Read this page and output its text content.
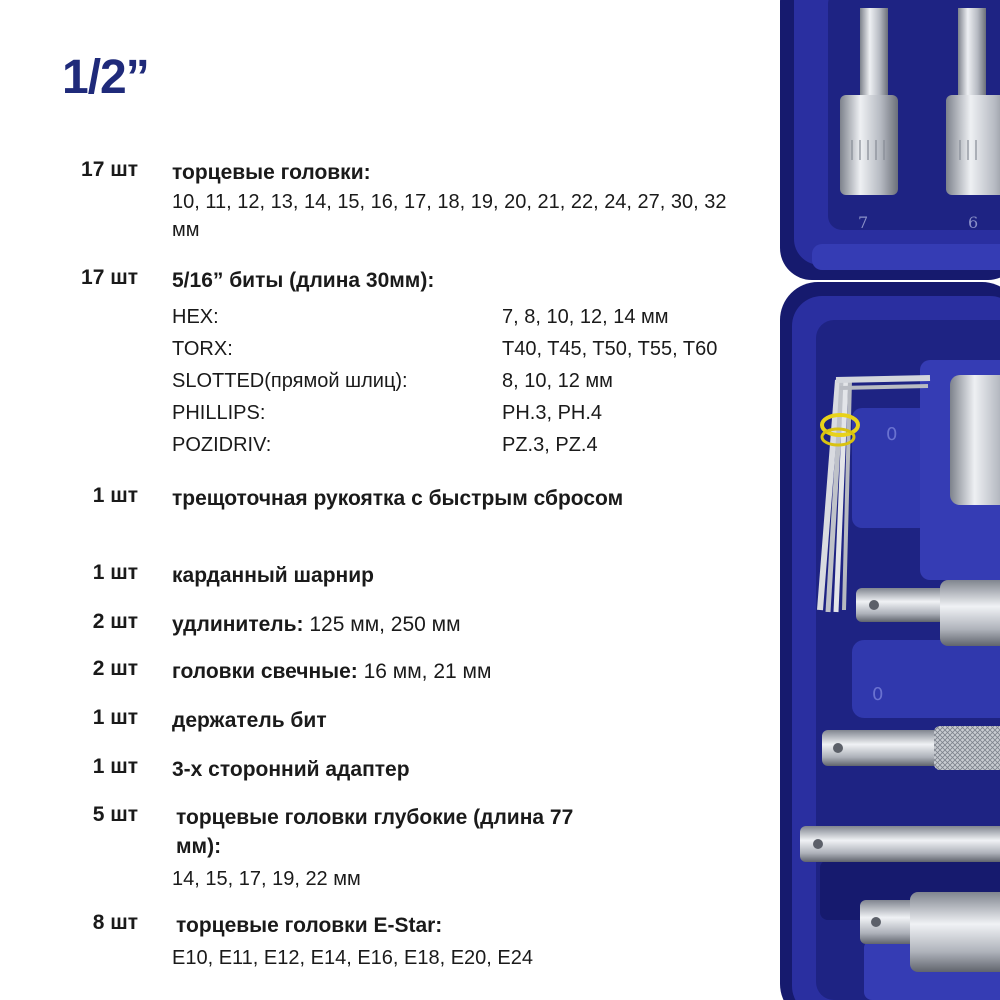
1/2”
17 шт торцевые головки:
10, 11, 12, 13, 14, 15, 16, 17, 18, 19, 20, 21, 22, 24, 27, 30, 32 мм
17 шт 5/16” биты (длина 30мм):
HEX:	7, 8, 10, 12, 14 мм
TORX:	T40, T45, T50, T55, T60
SLOTTED(прямой шлиц):	8, 10, 12 мм
PHILLIPS:	PH.3, PH.4
POZIDRIV:	PZ.3, PZ.4
1 шт трещоточная рукоятка с быстрым сбросом
1 шт карданный шарнир
2 шт удлинитель: 125 мм, 250 мм
2 шт головки свечные: 16 мм, 21 мм
1 шт держатель бит
1 шт 3-х сторонний адаптер
5 шт торцевые головки глубокие (длина 77 мм):
14, 15, 17, 19, 22 мм
8 шт торцевые головки E-Star:
E10, E11, E12, E14, E16, E18, E20, E24
7	6
0
0
